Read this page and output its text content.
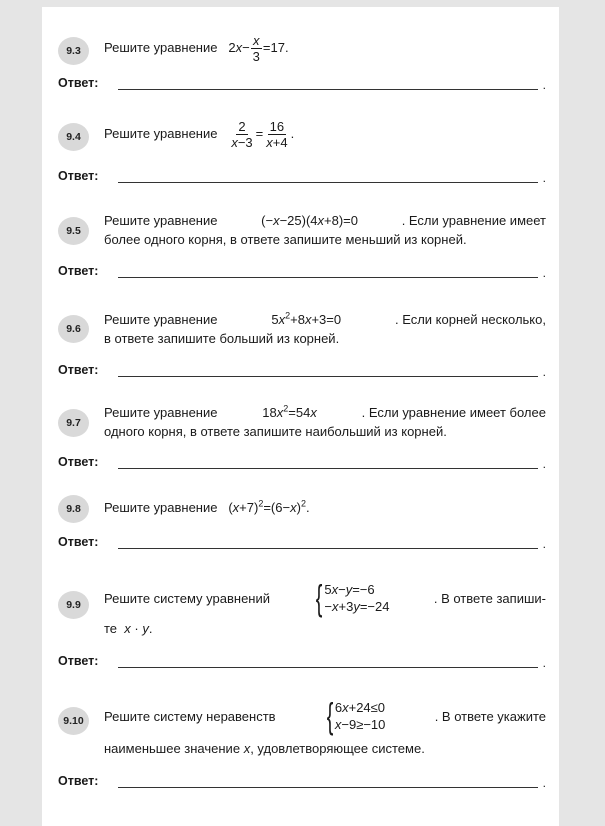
9.3	Решите уравнение $2x- \frac{x}{3} =17$.
Ответ:	.
9.4	Решите уравнение $\frac{2}{x-3} = \frac{16}{x+4}$ .
Ответ:	.
9.5
Решите уравнение	(−x−25)(4x+8)=0	. Если уравнение имеет
более одного корня, в ответе запишите меньший из корней.
Ответ:	.
9.6
Решите уравнение	$5x^2+8x+3=0$	. Если корней несколько,
в ответе запишите больший из корней.
Ответ:	.
9.7
Решите уравнение	$18x^2=54x$	. Если уравнение имеет более
одного корня, в ответе запишите наибольший из корней.
Ответ:	.
9.8	Решите уравнение $(x+7)^2=(6-x)^2$.
Ответ:	.
9.9	Решите систему уравнений { 5x−y=−6
−x+3y=−24
. В ответе запиши-
те x · y.
Ответ:	.
9.10	Решите систему неравенств { 6x+24≤0
x−9≥−10
. В ответе укажите
наименьшее значение x, удовлетворяющее системе.
Ответ:	.
